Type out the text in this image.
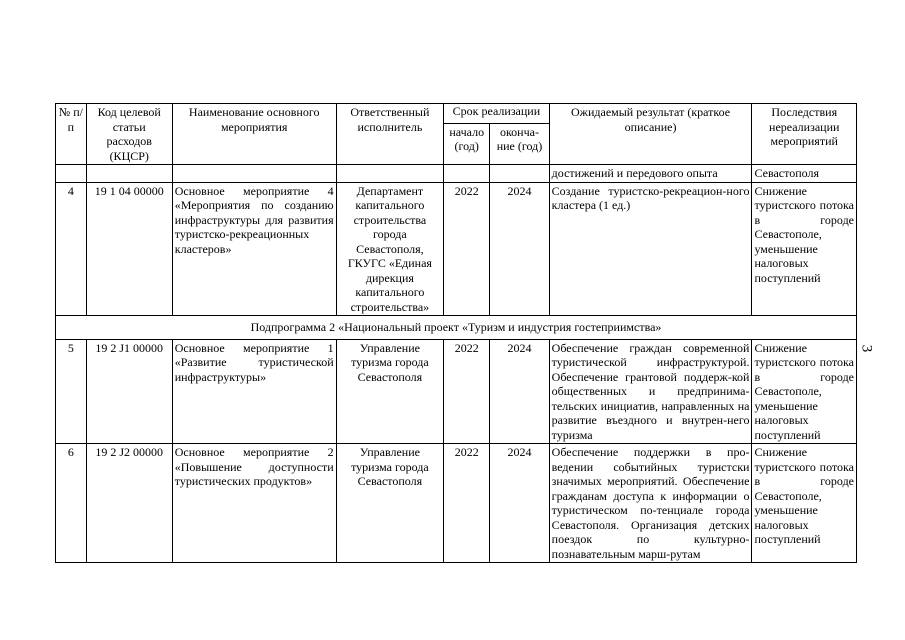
3
№ п/п	Код целевой статьи расходов (КЦСР)	Наименование основного мероприятия	Ответственный исполнитель	Срок реализации		Ожидаемый результат (краткое описание)	Последствия нереализации мероприятий
				начало (год)	оконча-ние (год)		
						достижений и передового опыта	Севастополя
4	19 1 04 00000	Основное мероприятие 4 «Мероприятия по созданию инфраструктуры для развития туристско-рекреационных кластеров»	Департамент капитального строительства города Севастополя, ГКУГС «Единая дирекция капитального строительства»	2022	2024	Создание туристско-рекреацион-ного кластера (1 ед.)	Снижение туристского потока в городе Севастополе, уменьшение налоговых поступлений
Подпрограмма 2 «Национальный проект «Туризм и индустрия гостеприимства»							
5	19 2 J1 00000	Основное мероприятие 1 «Развитие туристической инфраструктуры»	Управление туризма города Севастополя	2022	2024	Обеспечение граждан современной туристической инфраструктурой. Обеспечение грантовой поддерж-кой общественных и предпринима-тельских инициатив, направленных на развитие въездного и внутрен-него туризма	Снижение туристского потока в городе Севастополе, уменьшение налоговых поступлений
6	19 2 J2 00000	Основное мероприятие 2 «Повышение доступности туристических продуктов»	Управление туризма города Севастополя	2022	2024	Обеспечение поддержки в про-ведении событийных туристски значимых мероприятий. Обеспечение гражданам доступа к информации о туристическом по-тенциале города Севастополя. Организация детских поездок по культурно-познавательным марш-рутам	Снижение туристского потока в городе Севастополе, уменьшение налоговых поступлений
